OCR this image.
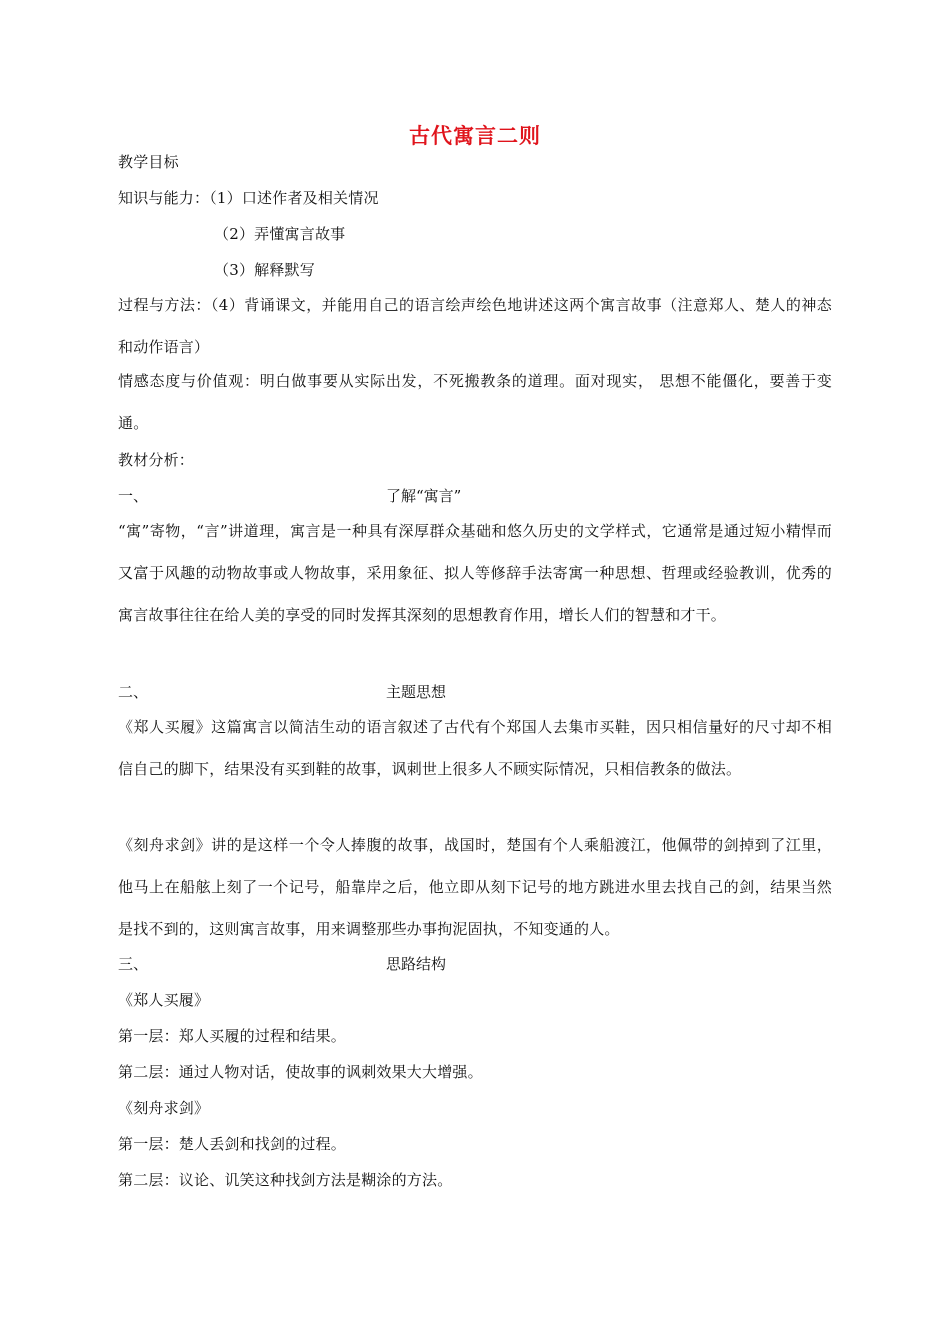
古代寓言二则
教学目标
知识与能力：（1）口述作者及相关情况
（2）弄懂寓言故事
（3）解释默写
过程与方法：（4）背诵课文，并能用自己的语言绘声绘色地讲述这两个寓言故事（注意郑人、楚人的神态和动作语言）
情感态度与价值观：明白做事要从实际出发，不死搬教条的道理。面对现实， 思想不能僵化，要善于变通。
教材分析：
一、	了解“寓言”
“寓”寄物，“言”讲道理，寓言是一种具有深厚群众基础和悠久历史的文学样式，它通常是通过短小精悍而又富于风趣的动物故事或人物故事，采用象征、拟人等修辞手法寄寓一种思想、哲理或经验教训，优秀的寓言故事往往在给人美的享受的同时发挥其深刻的思想教育作用，增长人们的智慧和才干。
二、	主题思想
《郑人买履》这篇寓言以简洁生动的语言叙述了古代有个郑国人去集市买鞋，因只相信量好的尺寸却不相信自己的脚下，结果没有买到鞋的故事，讽刺世上很多人不顾实际情况，只相信教条的做法。
《刻舟求剑》讲的是这样一个令人捧腹的故事，战国时，楚国有个人乘船渡江，他佩带的剑掉到了江里，他马上在船舷上刻了一个记号，船靠岸之后，他立即从刻下记号的地方跳进水里去找自己的剑，结果当然是找不到的，这则寓言故事，用来调整那些办事拘泥固执，不知变通的人。
三、	思路结构
《郑人买履》
第一层：郑人买履的过程和结果。
第二层：通过人物对话，使故事的讽刺效果大大增强。
《刻舟求剑》
第一层：楚人丢剑和找剑的过程。
第二层：议论、讥笑这种找剑方法是糊涂的方法。
